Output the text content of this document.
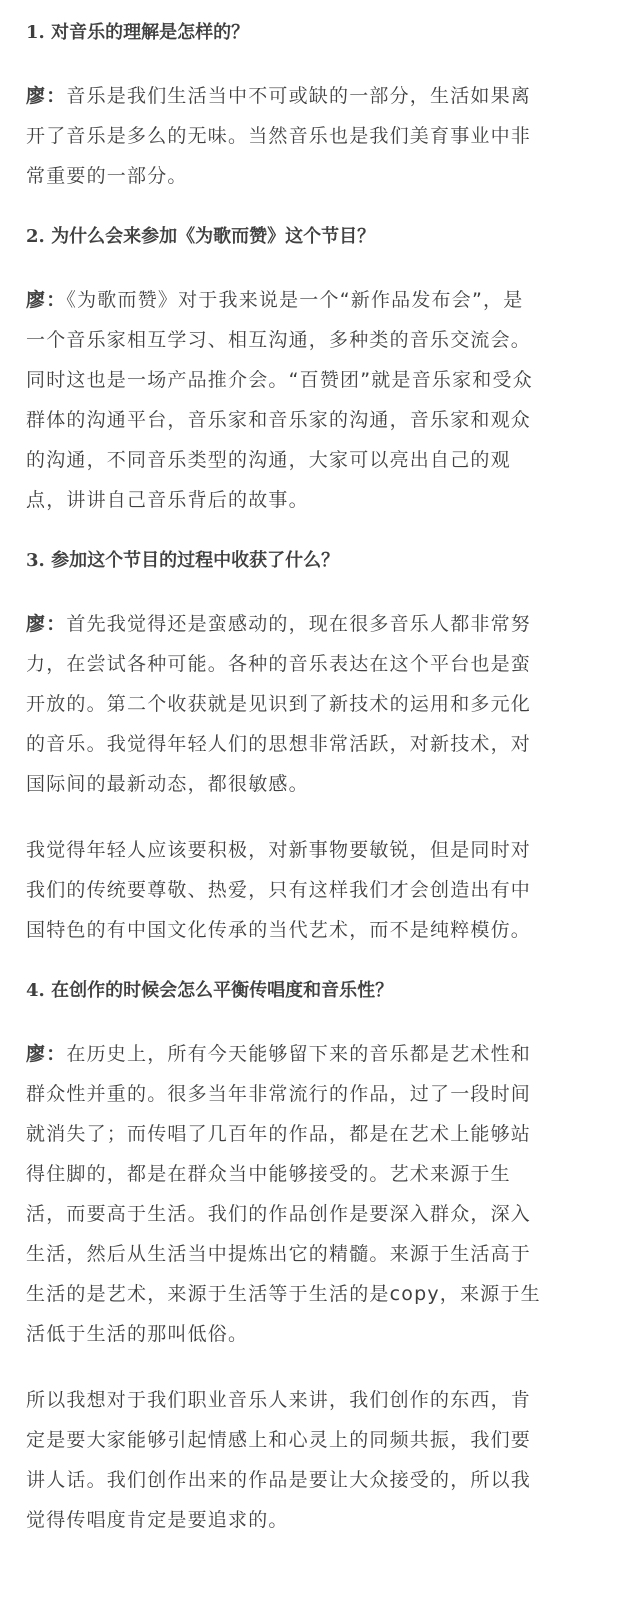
1. 对音乐的理解是怎样的？

廖：音乐是我们生活当中不可或缺的一部分，生活如果离
开了音乐是多么的无味。当然音乐也是我们美育事业中非
常重要的一部分。

2. 为什么会来参加《为歌而赞》这个节目？

廖：《为歌而赞》对于我来说是一个“新作品发布会”，是
一个音乐家相互学习、相互沟通，多种类的音乐交流会。
同时这也是一场产品推介会。“百赞团”就是音乐家和受众
群体的沟通平台，音乐家和音乐家的沟通，音乐家和观众
的沟通，不同音乐类型的沟通，大家可以亮出自己的观
点，讲讲自己音乐背后的故事。

3. 参加这个节目的过程中收获了什么？

廖：首先我觉得还是蛮感动的，现在很多音乐人都非常努
力，在尝试各种可能。各种的音乐表达在这个平台也是蛮
开放的。第二个收获就是见识到了新技术的运用和多元化
的音乐。我觉得年轻人们的思想非常活跃，对新技术，对
国际间的最新动态，都很敏感。

我觉得年轻人应该要积极，对新事物要敏锐，但是同时对
我们的传统要尊敬、热爱，只有这样我们才会创造出有中
国特色的有中国文化传承的当代艺术，而不是纯粹模仿。

4. 在创作的时候会怎么平衡传唱度和音乐性？

廖：在历史上，所有今天能够留下来的音乐都是艺术性和
群众性并重的。很多当年非常流行的作品，过了一段时间
就消失了；而传唱了几百年的作品，都是在艺术上能够站
得住脚的，都是在群众当中能够接受的。艺术来源于生
活，而要高于生活。我们的作品创作是要深入群众，深入
生活，然后从生活当中提炼出它的精髓。来源于生活高于
生活的是艺术，来源于生活等于生活的是copy，来源于生
活低于生活的那叫低俗。

所以我想对于我们职业音乐人来讲，我们创作的东西，肯
定是要大家能够引起情感上和心灵上的同频共振，我们要
讲人话。我们创作出来的作品是要让大众接受的，所以我
觉得传唱度肯定是要追求的。
